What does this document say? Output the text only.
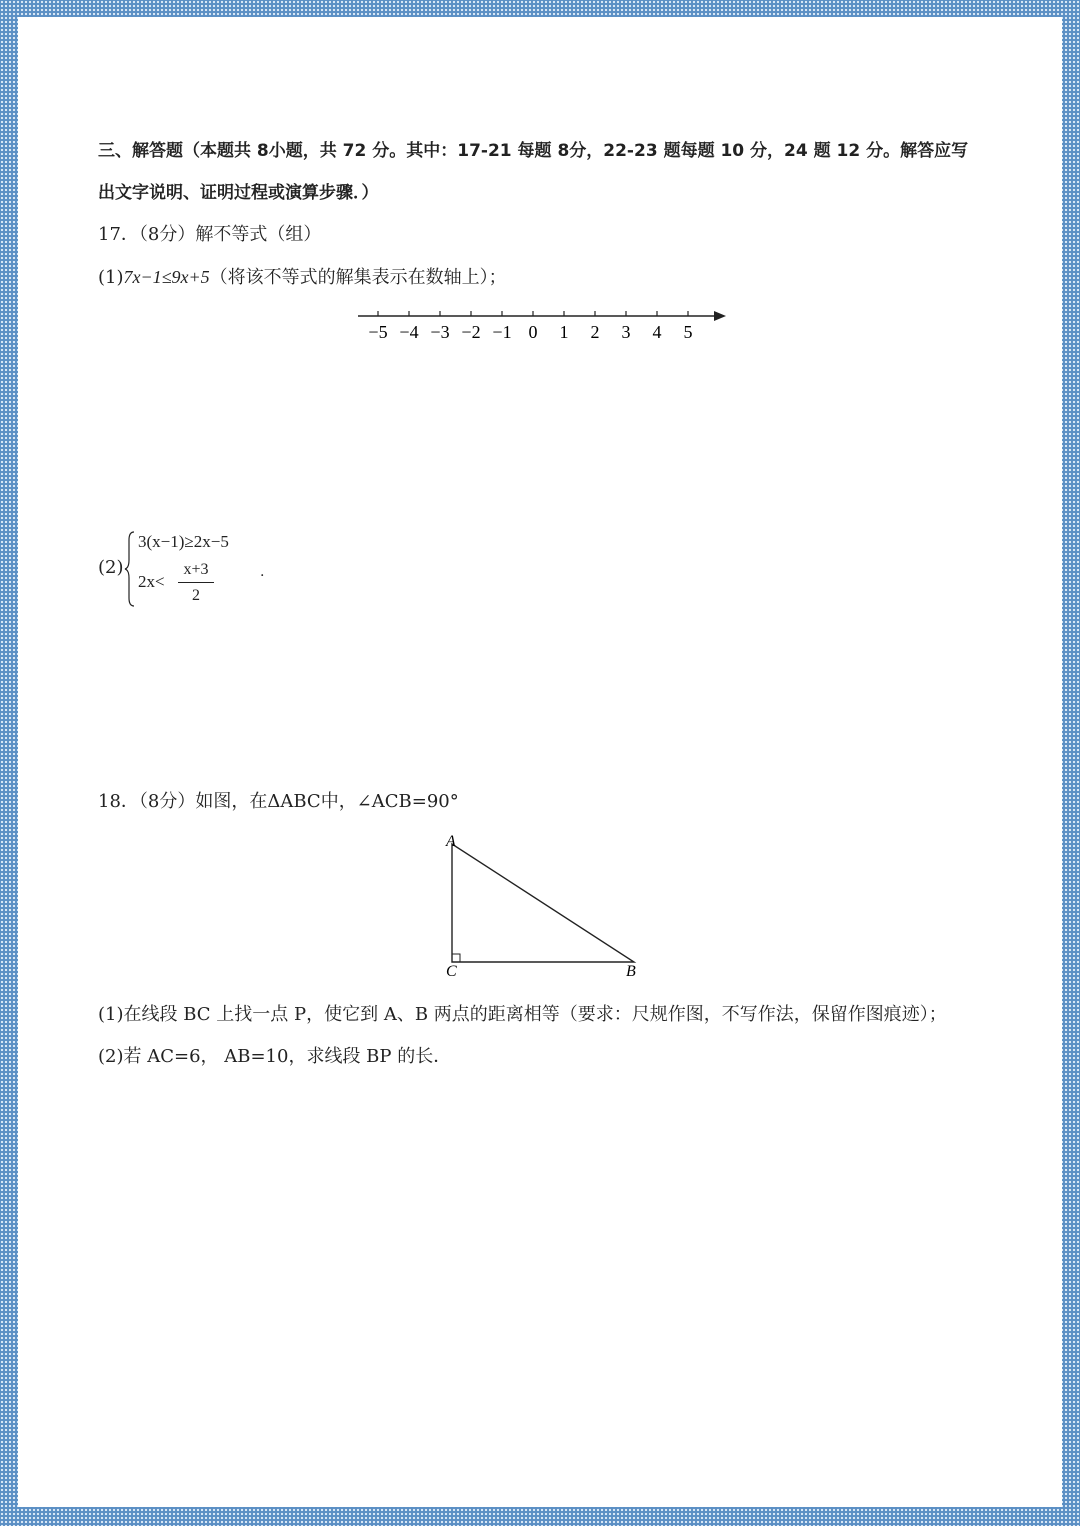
三、解答题（本题共 8小题，共 72 分。其中：17-21 每题 8分，22-23 题每题 10 分，24 题 12 分。解答应写
出文字说明、证明过程或演算步骤．）
17．（8分）解不等式（组）
(1)7x−1≤9x+5（将该不等式的解集表示在数轴上）；
−5 −4 −3 −2 −1 0 1 2 3 4 5
(2)
3(x−1)≥2x−5
2x<
x+3
2
.
18．（8分）如图，在ΔABC中，∠ACB=90°
A
C	B
(1)在线段 BC 上找一点 P，使它到 A、B 两点的距离相等（要求：尺规作图，不写作法，保留作图痕迹）；
(2)若 AC=6， AB=10，求线段 BP 的长．
